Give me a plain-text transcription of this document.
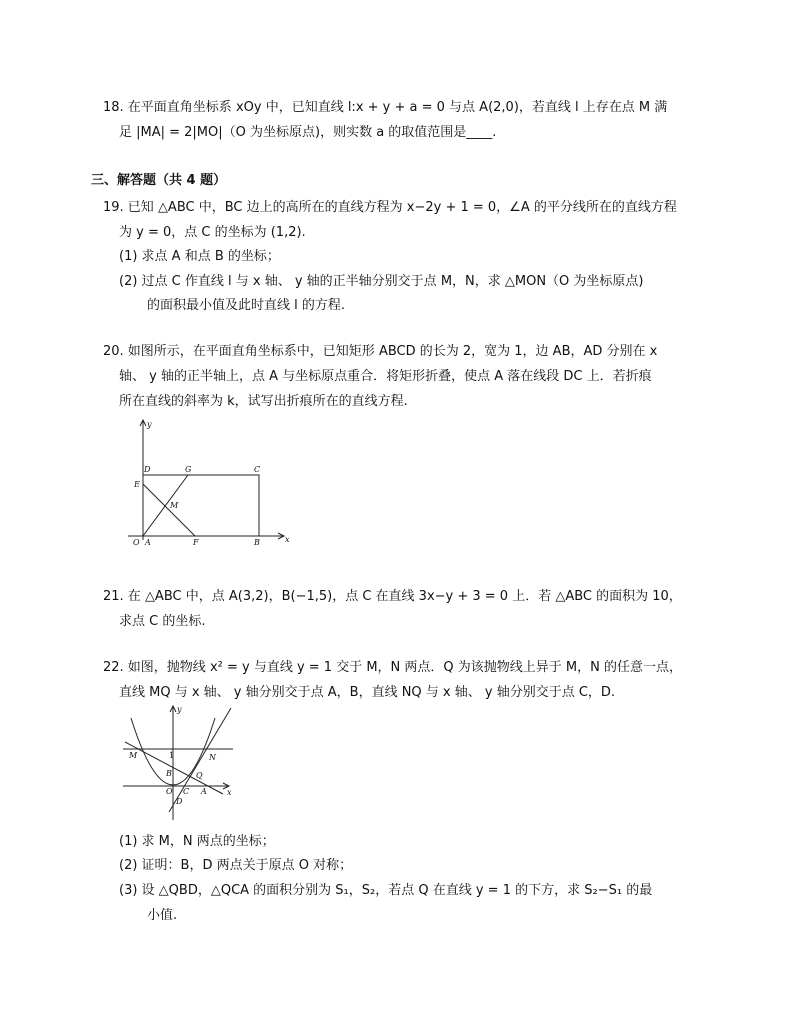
18. 在平面直角坐标系 xOy 中，已知直线 l:x + y + a = 0 与点 A(2,0)，若直线 l 上存在点 M 满
足 |MA| = 2|MO|（O 为坐标原点)，则实数 a 的取值范围是____.
三、解答题（共 4 题）
19. 已知 △ABC 中，BC 边上的高所在的直线方程为 x−2y + 1 = 0，∠A 的平分线所在的直线方程
为 y = 0，点 C 的坐标为 (1,2).
(1) 求点 A 和点 B 的坐标；
(2) 过点 C 作直线 l 与 x 轴、 y 轴的正半轴分别交于点 M，N，求 △MON（O 为坐标原点)
的面积最小值及此时直线 l 的方程.
20. 如图所示，在平面直角坐标系中，已知矩形 ABCD 的长为 2，宽为 1，边 AB，AD 分别在 x
轴、 y 轴的正半轴上，点 A 与坐标原点重合．将矩形折叠，使点 A 落在线段 DC 上．若折痕
所在直线的斜率为 k，试写出折痕所在的直线方程.
y
x
D	G	C
E
M
O A	F	B
21. 在 △ABC 中，点 A(3,2)，B(−1,5)，点 C 在直线 3x−y + 3 = 0 上．若 △ABC 的面积为 10，
求点 C 的坐标.
22. 如图，抛物线 x² = y 与直线 y = 1 交于 M，N 两点．Q 为该抛物线上异于 M，N 的任意一点，
直线 MQ 与 x 轴、 y 轴分别交于点 A，B，直线 NQ 与 x 轴、 y 轴分别交于点 C，D.
y
x
M	N
1
B	Q
O C A
D
(1) 求 M，N 两点的坐标；
(2) 证明：B，D 两点关于原点 O 对称；
(3) 设 △QBD，△QCA 的面积分别为 S₁，S₂，若点 Q 在直线 y = 1 的下方，求 S₂−S₁ 的最
小值.
